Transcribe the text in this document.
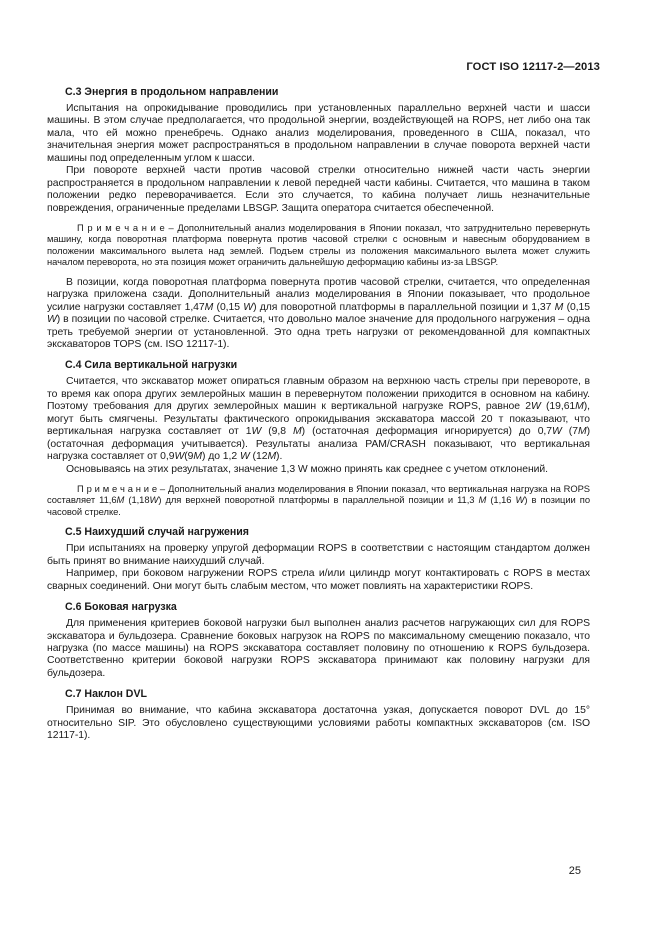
ГОСТ ISO 12117-2—2013
C.3 Энергия в продольном направлении

Испытания на опрокидывание проводились при установленных параллельно верхней части и шасси машины. В этом случае предполагается, что продольной энергии, воздействующей на ROPS, нет либо она так мала, что ей можно пренебречь. Однако анализ моделирования, проведенного в США, показал, что значительная энергия может распространяться в продольном направлении в случае поворота верхней части машины под определенным углом к шасси.

При повороте верхней части против часовой стрелки относительно нижней части часть энергии распространяется в продольном направлении к левой передней части кабины. Считается, что машина в таком положении редко переворачивается. Если это случается, то кабина получает лишь незначительные повреждения, ограниченные пределами LBSGP. Защита оператора считается обеспеченной.

П р и м е ч а н и е – Дополнительный анализ моделирования в Японии показал, что затруднительно перевернуть машину, когда поворотная платформа повернута против часовой стрелки с основным и навесным оборудованием в положении максимального вылета над землей. Подъем стрелы из положения максимального вылета может служить началом переворота, но эта позиция может ограничить дальнейшую деформацию кабины из-за LBSGP.

В позиции, когда поворотная платформа повернута против часовой стрелки, считается, что определенная нагрузка приложена сзади. Дополнительный анализ моделирования в Японии показывает, что продольное усилие нагрузки составляет 1,47M (0,15 W) для поворотной платформы в параллельной позиции и 1,37 M (0,15 W) в позиции по часовой стрелке. Считается, что довольно малое значение для продольного нагружения – одна треть требуемой энергии от установленной. Это одна треть нагрузки от рекомендованной для компактных экскаваторов TOPS (см. ISO 12117-1).

C.4 Сила вертикальной нагрузки

Считается, что экскаватор может опираться главным образом на верхнюю часть стрелы при перевороте, в то время как опора других землеройных машин в перевернутом положении приходится в основном на кабину. Поэтому требования для других землеройных машин к вертикальной нагрузке ROPS, равное 2W (19,61M), могут быть смягчены. Результаты фактического опрокидывания экскаватора массой 20 т показывают, что вертикальная нагрузка составляет от 1W (9,8 M) (остаточная деформация игнорируется) до 0,7W (7M) (остаточная деформация учитывается). Результаты анализа PAM/CRASH показывают, что вертикальная нагрузка составляет от 0,9W(9M) до 1,2 W (12M).

Основываясь на этих результатах, значение 1,3 W можно принять как среднее с учетом отклонений.

П р и м е ч а н и е – Дополнительный анализ моделирования в Японии показал, что вертикальная нагрузка на ROPS составляет 11,6M (1,18W) для верхней поворотной платформы в параллельной позиции и 11,3 M (1,16 W) в позиции по часовой стрелке.

C.5 Наихудший случай нагружения

При испытаниях на проверку упругой деформации ROPS в соответствии с настоящим стандартом должен быть принят во внимание наихудший случай.

Например, при боковом нагружении ROPS стрела и/или цилиндр могут контактировать с ROPS в местах сварных соединений. Они могут быть слабым местом, что может повлиять на характеристики ROPS.

C.6 Боковая нагрузка

Для применения критериев боковой нагрузки был выполнен анализ расчетов нагружающих сил для ROPS экскаватора и бульдозера. Сравнение боковых нагрузок на ROPS по максимальному смещению показало, что нагрузка (по массе машины) на ROPS экскаватора составляет половину по отношению к ROPS бульдозера. Соответственно критерии боковой нагрузки ROPS экскаватора принимают как половину нагрузки для бульдозера.

C.7 Наклон DVL

Принимая во внимание, что кабина экскаватора достаточна узкая, допускается поворот DVL до 15° относительно SIP. Это обусловлено существующими условиями работы компактных экскаваторов (см. ISO 12117-1).

25
